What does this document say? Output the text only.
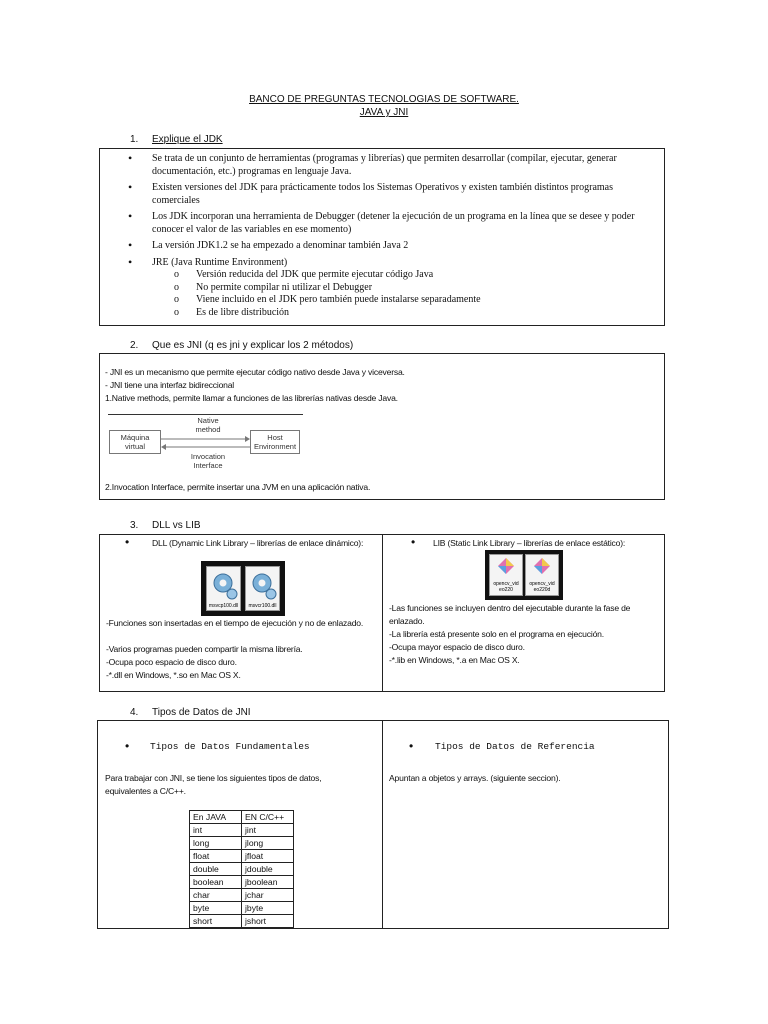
BANCO DE PREGUNTAS TECNOLOGIAS DE SOFTWARE.
JAVA y JNI
1. Explique el JDK
• Se trata de un conjunto de herramientas (programas y librerías) que permiten desarrollar (compilar, ejecutar, generar documentación, etc.) programas en lenguaje Java.
• Existen versiones del JDK para prácticamente todos los Sistemas Operativos y existen también distintos programas comerciales
• Los JDK incorporan una herramienta de Debugger (detener la ejecución de un programa en la línea que se desee y poder conocer el valor de las variables en ese momento)
• La versión JDK1.2 se ha empezado a denominar también Java 2
• JRE (Java Runtime Environment)
o Versión reducida del JDK que permite ejecutar código Java
o No permite compilar ni utilizar el Debugger
o Viene incluido en el JDK pero también puede instalarse separadamente
o Es de libre distribución
2. Que es JNI (q es jni y explicar los 2 métodos)
- JNI es un mecanismo que permite ejecutar código nativo desde Java y viceversa.
- JNI tiene una interfaz bidireccional
1.Native methods, permite llamar a funciones de las librerías nativas desde Java.
Máquina virtual
Host Environment
Native method
Invocation Interface
2.Invocation Interface, permite insertar una JVM en una aplicación nativa.
3. DLL vs LIB
•	DLL (Dynamic Link Library – librerías de enlace dinámico):
msvcp100.dll	msvcr100.dll
-Funciones son insertadas en el tiempo de ejecución y no de enlazado.
-Varios programas pueden compartir la misma librería.
-Ocupa poco espacio de disco duro.
-*.dll en Windows, *.so en Mac OS X.
• LIB (Static Link Library – librerías de enlace estático):
opencv_vid eo220
opencv_vid eo220d
-Las funciones se incluyen dentro del ejecutable durante la fase de enlazado.
-La librería está presente solo en el programa en ejecución.
-Ocupa mayor espacio de disco duro.
-*.lib en Windows, *.a en Mac OS X.
4. Tipos de Datos de JNI
• Tipos de Datos Fundamentales
Para trabajar con JNI, se tiene los siguientes tipos de datos, equivalentes a C/C++.
En JAVA	EN C/C++
int	jint
long	jlong
float	jfloat
double	jdouble
boolean	jboolean
char	jchar
byte	jbyte
short	jshort
• Tipos de Datos de Referencia
Apuntan a objetos y arrays. (siguiente seccion).
